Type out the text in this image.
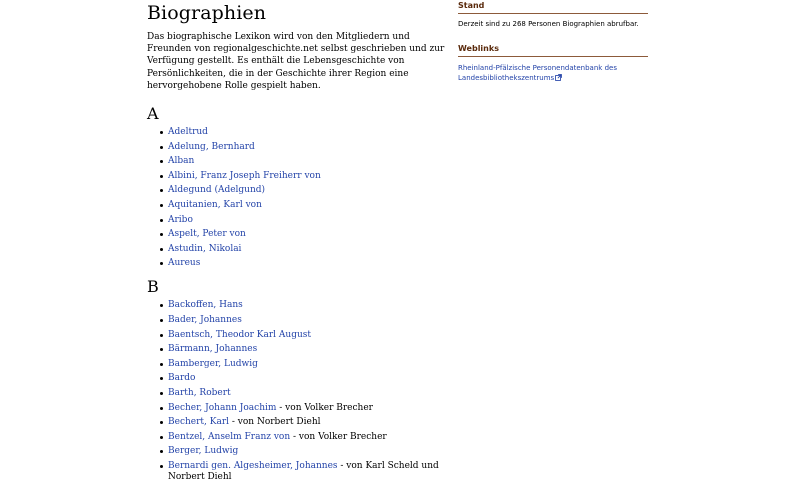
Biographien

Das biographische Lexikon wird von den Mitgliedern und Freunden von regionalgeschichte.net selbst geschrieben und zur Verfügung gestellt. Es enthält die Lebensgeschichte von Persönlichkeiten, die in der Geschichte ihrer Region eine hervorgehobene Rolle gespielt haben.

A
Adeltrud
Adelung, Bernhard
Alban
Albini, Franz Joseph Freiherr von
Aldegund (Adelgund)
Aquitanien, Karl von
Aribo
Aspelt, Peter von
Astudin, Nikolai
Aureus
B
Backoffen, Hans
Bader, Johannes
Baentsch, Theodor Karl August
Bärmann, Johannes
Bamberger, Ludwig
Bardo
Barth, Robert
Becher, Johann Joachim - von Volker Brecher
Bechert, Karl - von Norbert Diehl
Bentzel, Anselm Franz von - von Volker Brecher
Berger, Ludwig
Bernardi gen. Algesheimer, Johannes - von Karl Scheld und Norbert Diehl
Stand

Derzeit sind zu 268 Personen Biographien abrufbar.

Weblinks

Rheinland-Pfälzische Personendatenbank des Landesbibliothekszentrums
